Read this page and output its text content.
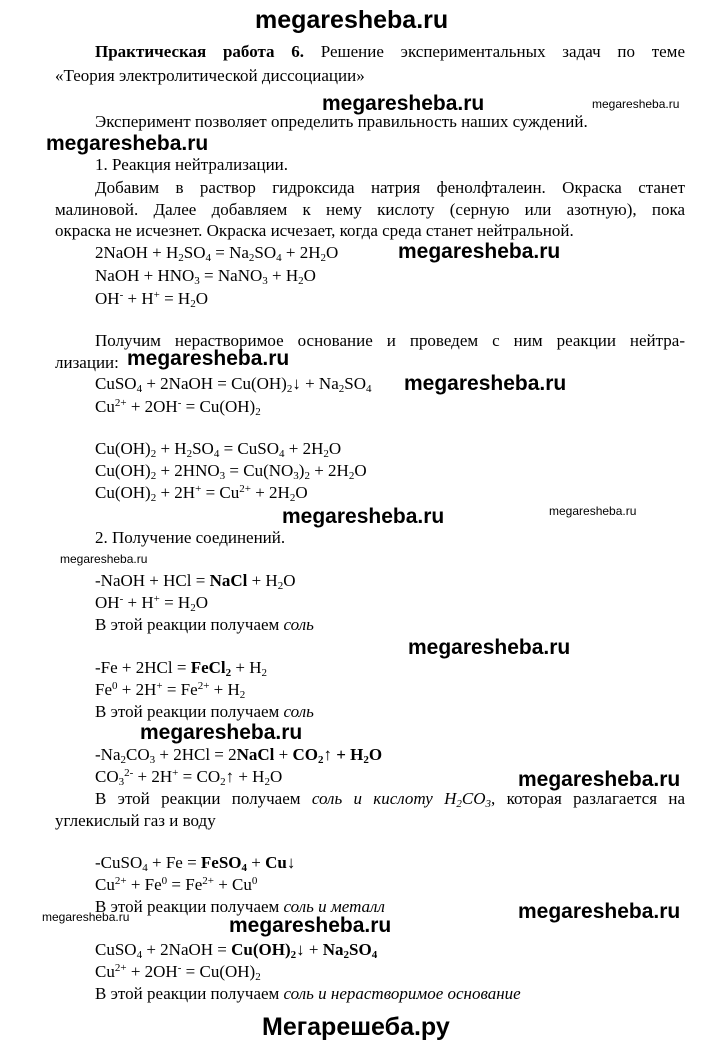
megaresheba.ru
megaresheba.ru	megaresheba.ru
megaresheba.ru
megaresheba.ru
megaresheba.ru
megaresheba.ru
megaresheba.ru	megaresheba.ru
megaresheba.ru
megaresheba.ru
megaresheba.ru
megaresheba.ru
megaresheba.ru
megaresheba.ru	megaresheba.ru
Мегарешеба.ру
Практическая работа 6. Решение экспериментальных задач по теме
«Теория электролитической диссоциации»
Эксперимент позволяет определить правильность наших суждений.
1. Реакция нейтрализации.
Добавим в раствор гидроксида натрия фенолфталеин. Окраска станет
малиновой. Далее добавляем к нему кислоту (серную или азотную), пока
окраска не исчезнет. Окраска исчезает, когда среда станет нейтральной.
2NaOH + $H_2SO_4 = Na_2SO_4 + 2H_2O$
NaOH + $HNO_3$ = NaNO$_3$ + $H_2O$
$OH^- + H^+ = H_2O$
Получим нерастворимое основание и проведем с ним реакции нейтра-
лизации:
CuSO$_4$ + 2NaOH = $Cu(OH)_2↓ + Na_2SO_4$
$Cu^{2+} + 2OH^- = Cu(OH)_2$
$Cu(OH)_2 + H_2SO_4$ = CuSO$_4$ + $2H_2O$
$Cu(OH)_2 + 2HNO_3 = Cu(NO_3)_2 + 2H_2O$
$Cu(OH)_2 + 2H^+ = Cu^{2+} + 2H_2O$
2. Получение соединений.
-NaOH + HCl = NaCl + $H_2O$
$OH^- + H^+ = H_2O$
В этой реакции получаем соль
-Fe + 2HCl = FeCl$_2$ + $H_2$
$Fe^0 + 2H^+ = Fe^{2+} + H_2$
В этой реакции получаем соль
$-Na_2CO_3 + 2HCl$ = 2NaCl + $CO_2↑ + H_2O$
$CO_3^{2-} + 2H^+$ = $CO_2↑ + H_2O$
В этой реакции получаем соль и кислоту $H_2CO_3$, которая разлагается на
углекислый газ и воду
-CuSO$_4$ + Fe = FeSO$_4$ + Cu↓
$Cu^{2+} + Fe^0 = Fe^{2+} + Cu^0$
В этой реакции получаем соль и металл
CuSO$_4$ + 2NaOH = $Cu(OH)_2↓ + Na_2SO_4$
$Cu^{2+} + 2OH^- = Cu(OH)_2$
В этой реакции получаем соль и нерастворимое основание
